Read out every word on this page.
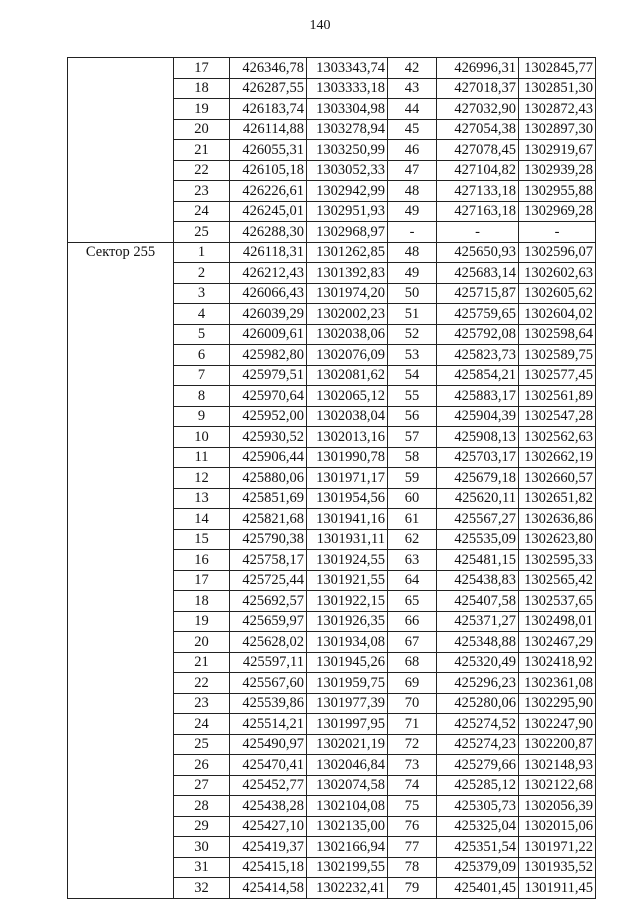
140
	17	426346,78	1303343,74	42	426996,31	1302845,77
	18	426287,55	1303333,18	43	427018,37	1302851,30
	19	426183,74	1303304,98	44	427032,90	1302872,43
	20	426114,88	1303278,94	45	427054,38	1302897,30
	21	426055,31	1303250,99	46	427078,45	1302919,67
	22	426105,18	1303052,33	47	427104,82	1302939,28
	23	426226,61	1302942,99	48	427133,18	1302955,88
	24	426245,01	1302951,93	49	427163,18	1302969,28
	25	426288,30	1302968,97	-	-	-
Сектор 255	1	426118,31	1301262,85	48	425650,93	1302596,07
	2	426212,43	1301392,83	49	425683,14	1302602,63
	3	426066,43	1301974,20	50	425715,87	1302605,62
	4	426039,29	1302002,23	51	425759,65	1302604,02
	5	426009,61	1302038,06	52	425792,08	1302598,64
	6	425982,80	1302076,09	53	425823,73	1302589,75
	7	425979,51	1302081,62	54	425854,21	1302577,45
	8	425970,64	1302065,12	55	425883,17	1302561,89
	9	425952,00	1302038,04	56	425904,39	1302547,28
	10	425930,52	1302013,16	57	425908,13	1302562,63
	11	425906,44	1301990,78	58	425703,17	1302662,19
	12	425880,06	1301971,17	59	425679,18	1302660,57
	13	425851,69	1301954,56	60	425620,11	1302651,82
	14	425821,68	1301941,16	61	425567,27	1302636,86
	15	425790,38	1301931,11	62	425535,09	1302623,80
	16	425758,17	1301924,55	63	425481,15	1302595,33
	17	425725,44	1301921,55	64	425438,83	1302565,42
	18	425692,57	1301922,15	65	425407,58	1302537,65
	19	425659,97	1301926,35	66	425371,27	1302498,01
	20	425628,02	1301934,08	67	425348,88	1302467,29
	21	425597,11	1301945,26	68	425320,49	1302418,92
	22	425567,60	1301959,75	69	425296,23	1302361,08
	23	425539,86	1301977,39	70	425280,06	1302295,90
	24	425514,21	1301997,95	71	425274,52	1302247,90
	25	425490,97	1302021,19	72	425274,23	1302200,87
	26	425470,41	1302046,84	73	425279,66	1302148,93
	27	425452,77	1302074,58	74	425285,12	1302122,68
	28	425438,28	1302104,08	75	425305,73	1302056,39
	29	425427,10	1302135,00	76	425325,04	1302015,06
	30	425419,37	1302166,94	77	425351,54	1301971,22
	31	425415,18	1302199,55	78	425379,09	1301935,52
	32	425414,58	1302232,41	79	425401,45	1301911,45
